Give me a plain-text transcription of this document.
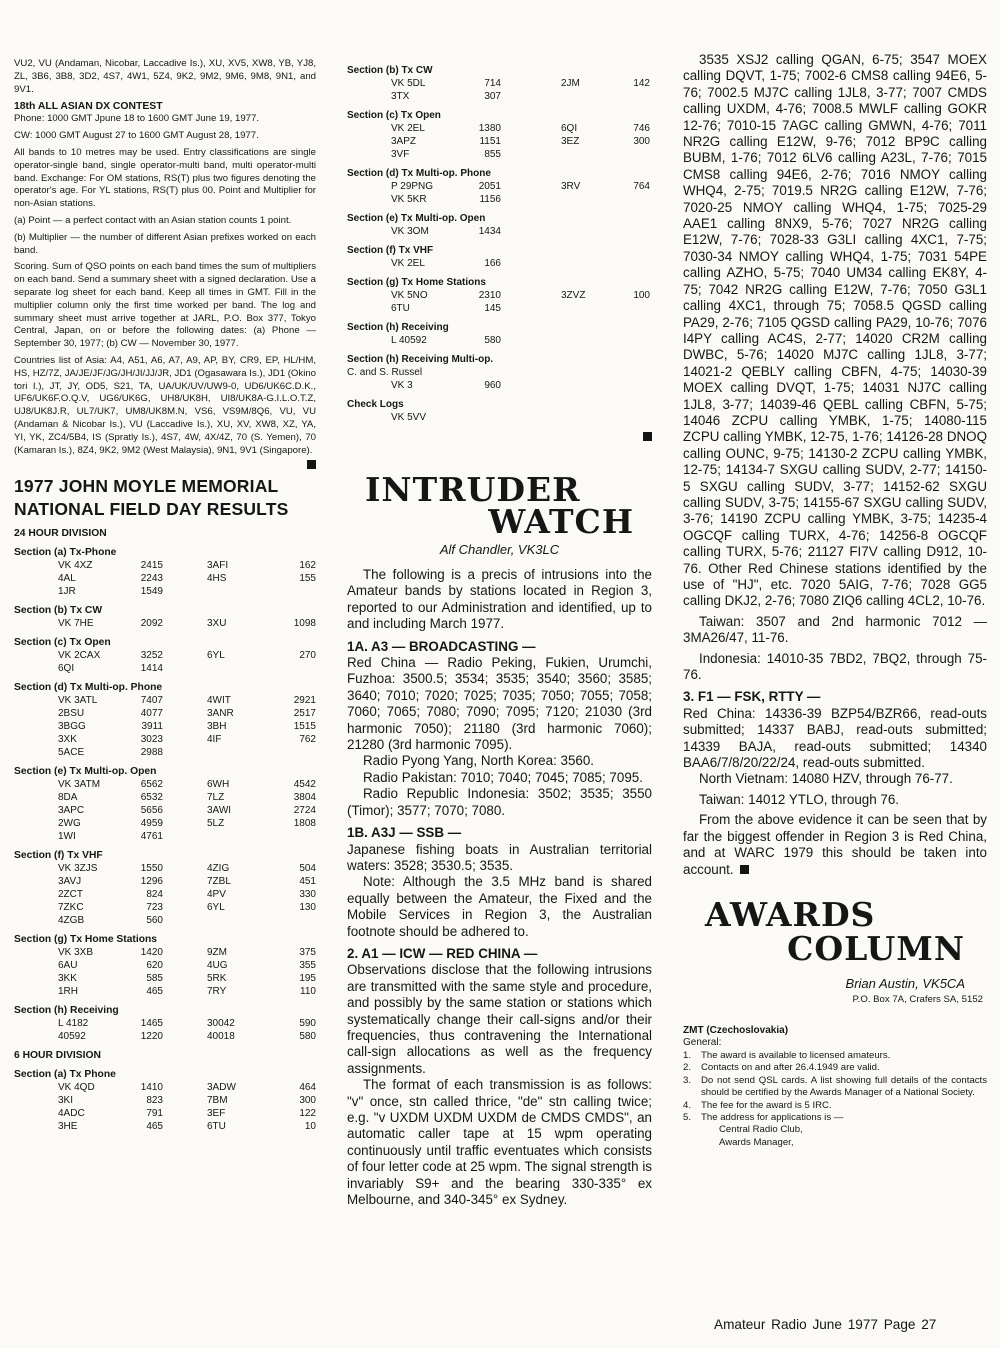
VU2, VU (Andaman, Nicobar, Laccadive Is.), XU, XV5, XW8, YB, YJ8, ZL, 3B6, 3B8, 3D2, 4S7, 4W1, 5Z4, 9K2, 9M2, 9M6, 9M8, 9N1, and 9V1.

18th ALL ASIAN DX CONTEST

Phone: 1000 GMT Jpune 18 to 1600 GMT June 19, 1977.

CW: 1000 GMT August 27 to 1600 GMT August 28, 1977.

All bands to 10 metres may be used. Entry classifications are single operator-single band, single operator-multi band, multi operator-multi band. Exchange: For OM stations, RS(T) plus two figures denoting the operator's age. For YL stations, RS(T) plus 00. Point and Multiplier for non-Asian stations.

(a) Point — a perfect contact with an Asian station counts 1 point.

(b) Multiplier — the number of different Asian prefixes worked on each band.

Scoring. Sum of QSO points on each band times the sum of multipliers on each band. Send a summary sheet with a signed declaration. Use a separate log sheet for each band. Keep all times in GMT. Fill in the multiplier column only the first time worked per band. The log and summary sheet must arrive together at JARL, P.O. Box 377, Tokyo Central, Japan, on or before the following dates: (a) Phone — September 30, 1977; (b) CW — November 30, 1977.

Countries list of Asia: A4, A51, A6, A7, A9, AP, BY, CR9, EP, HL/HM, HS, HZ/7Z, JA/JE/JF/JG/JH/JI/JJ/JR, JD1 (Ogasawara Is.), JD1 (Okino tori I.), JT, JY, OD5, S21, TA, UA/UK/UV/UW9-0, UD6/UK6C.D.K., UF6/UK6F.O.Q.V, UG6/UK6G, UH8/UK8H, UI8/UK8A-G.I.L.O.T.Z, UJ8/UK8J.R, UL7/UK7, UM8/UK8M.N, VS6, VS9M/8Q6, VU, VU (Andaman & Nicobar Is.), VU (Laccadive Is.), XU, XV, XW8, XZ, YA, YI, YK, ZC4/5B4, IS (Spratly Is.), 4S7, 4W, 4X/4Z, 70 (S. Yemen), 70 (Kamaran Is.), 8Z4, 9K2, 9M2 (West Malaysia), 9N1, 9V1 (Singapore).

1977 JOHN MOYLE MEMORIAL NATIONAL FIELD DAY RESULTS

24 HOUR DIVISION

Section (a) Tx-Phone

VK 4XZ	2415	3AFI	162
4AL	2243	4HS	155
1JR	1549		

Section (b) Tx CW

VK 7HE	2092	3XU	1098

Section (c) Tx Open

VK 2CAX	3252	6YL	270
6QI	1414		

Section (d) Tx Multi-op. Phone

VK 3ATL	7407	4WIT	2921
2BSU	4077	3ANR	2517
3BGG	3911	3BH	1515
3XK	3023	4IF	762
5ACE	2988		

Section (e) Tx Multi-op. Open

VK 3ATM	6562	6WH	4542
8DA	6532	7LZ	3804
3APC	5656	3AWI	2724
2WG	4959	5LZ	1808
1WI	4761		

Section (f) Tx VHF

VK 3ZJS	1550	4ZIG	504
3AVJ	1296	7ZBL	451
2ZCT	824	4PV	330
7ZKC	723	6YL	130
4ZGB	560		

Section (g) Tx Home Stations

VK 3XB	1420	9ZM	375
6AU	620	4UG	355
3KK	585	5RK	195
1RH	465	7RY	110

Section (h) Receiving

L 4182	1465	30042	590
40592	1220	40018	580

6 HOUR DIVISION

Section (a) Tx Phone

VK 4QD	1410	3ADW	464
3KI	823	7BM	300
4ADC	791	3EF	122
3HE	465	6TU	10

Section (b) Tx CW

VK 5DL	714	2JM	142
3TX	307		

Section (c) Tx Open

VK 2EL	1380	6QI	746
3APZ	1151	3EZ	300
3VF	855		

Section (d) Tx Multi-op. Phone

P 29PNG	2051	3RV	764
VK 5KR	1156		

Section (e) Tx Multi-op. Open

VK 3OM	1434		

Section (f) Tx VHF

VK 2EL	166		

Section (g) Tx Home Stations

VK 5NO	2310	3ZVZ	100
6TU	145		

Section (h) Receiving

L 40592	580		

Section (h) Receiving Multi-op.

C. and S. Russel

VK 3	960		

Check Logs

VK 5VV

INTRUDER
WATCH

Alf Chandler, VK3LC

The following is a precis of intrusions into the Amateur bands by stations located in Region 3, reported to our Administration and identified, up to and including March 1977.

1A. A3 — BROADCASTING —

Red China — Radio Peking, Fukien, Urumchi, Fuzhoa: 3500.5; 3534; 3535; 3540; 3560; 3585; 3640; 7010; 7020; 7025; 7035; 7050; 7055; 7058; 7060; 7065; 7080; 7090; 7095; 7120; 21030 (3rd harmonic 7050); 21180 (3rd harmonic 7060); 21280 (3rd harmonic 7095).

Radio Pyong Yang, North Korea: 3560.

Radio Pakistan: 7010; 7040; 7045; 7085; 7095.

Radio Republic Indonesia: 3502; 3535; 3550 (Timor); 3577; 7070; 7080.

1B. A3J — SSB —

Japanese fishing boats in Australian territorial waters: 3528; 3530.5; 3535.

Note: Although the 3.5 MHz band is shared equally between the Amateur, the Fixed and the Mobile Services in Region 3, the Australian footnote should be adhered to.

2. A1 — ICW — RED CHINA —

Observations disclose that the following intrusions are transmitted with the same style and procedure, and possibly by the same station or stations which systematically change their call-signs and/or their frequencies, thus contravening the International call-sign allocations as well as the frequency assignments.

The format of each transmission is as follows: "v" once, stn called thrice, "de" stn calling twice; e.g. "v UXDM UXDM UXDM de CMDS CMDS", an automatic caller tape at 15 wpm operating continuously until traffic eventuates which consists of four letter code at 25 wpm. The signal strength is invariably S9+ and the bearing 330-335° ex Melbourne, and 340-345° ex Sydney.

3535 XSJ2 calling QGAN, 6-75; 3547 MOEX calling DQVT, 1-75; 7002-6 CMS8 calling 94E6, 5-76; 7002.5 MJ7C calling 1JL8, 3-77; 7007 CMDS calling UXDM, 4-76; 7008.5 MWLF calling GOKR 12-76; 7010-15 7AGC calling GMWN, 4-76; 7011 NR2G calling E12W, 9-76; 7012 BP9C calling BUBM, 1-76; 7012 6LV6 calling A23L, 7-76; 7015 CMS8 calling 94E6, 2-76; 7016 NMOY calling WHQ4, 2-75; 7019.5 NR2G calling E12W, 7-76; 7020-25 NMOY calling WHQ4, 1-75; 7025-29 AAE1 calling 8NX9, 5-76; 7027 NR2G calling E12W, 7-76; 7028-33 G3LI calling 4XC1, 7-75; 7030-34 NMOY calling WHQ4, 1-75; 7031 54PE calling AZHO, 5-75; 7040 UM34 calling EK8Y, 4-75; 7042 NR2G calling E12W, 7-76; 7050 G3L1 calling 4XC1, through 75; 7058.5 QGSD calling PA29, 2-76; 7105 QGSD calling PA29, 10-76; 7076 I4PY calling AC4S, 2-77; 14020 CR2M calling DWBC, 5-76; 14020 MJ7C calling 1JL8, 3-77; 14021-2 QEBLY calling CBFN, 4-75; 14030-39 MOEX calling DVQT, 1-75; 14031 NJ7C calling 1JL8, 3-77; 14039-46 QEBL calling CBFN, 5-75; 14046 ZCPU calling YMBK, 1-75; 14080-115 ZCPU calling YMBK, 12-75, 1-76; 14126-28 DNOQ calling OUNC, 9-75; 14130-2 ZCPU calling YMBK, 12-75; 14134-7 SXGU calling SUDV, 2-77; 14150-5 SXGU calling SUDV, 3-77; 14152-62 SXGU calling SUDV, 3-75; 14155-67 SXGU calling SUDV, 3-76; 14190 ZCPU calling YMBK, 3-75; 14235-4 OGCQF calling TURX, 4-76; 14256-8 OGCQF calling TURX, 5-76; 21127 FI7V calling D912, 10-76. Other Red Chinese stations identified by the use of "HJ", etc. 7020 5AIG, 7-76; 7028 GG5 calling DKJ2, 2-76; 7080 ZIQ6 calling 4CL2, 10-76.

Taiwan: 3507 and 2nd harmonic 7012 — 3MA26/47, 11-76.

Indonesia: 14010-35 7BD2, 7BQ2, through 75-76.

3. F1 — FSK, RTTY —

Red China: 14336-39 BZP54/BZR66, read-outs submitted; 14337 BABJ, read-outs submitted; 14339 BAJA, read-outs submitted; 14340 BAA6/7/8/20/22/24, read-outs submitted.

North Vietnam: 14080 HZV, through 76-77.

Taiwan: 14012 YTLO, through 76.

From the above evidence it can be seen that by far the biggest offender in Region 3 is Red China, and at WARC 1979 this should be taken into account.

AWARDS
COLUMN

Brian Austin, VK5CA

P.O. Box 7A, Crafers SA, 5152

ZMT (Czechoslovakia)

General:

1. The award is available to licensed amateurs.
2. Contacts on and after 26.4.1949 are valid.
3. Do not send QSL cards. A list showing full details of the contacts should be certified by the Awards Manager of a National Society.
4. The fee for the award is 5 IRC.
5. The address for applications is —
Central Radio Club,
Awards Manager,
Amateur Radio June 1977 Page 27
